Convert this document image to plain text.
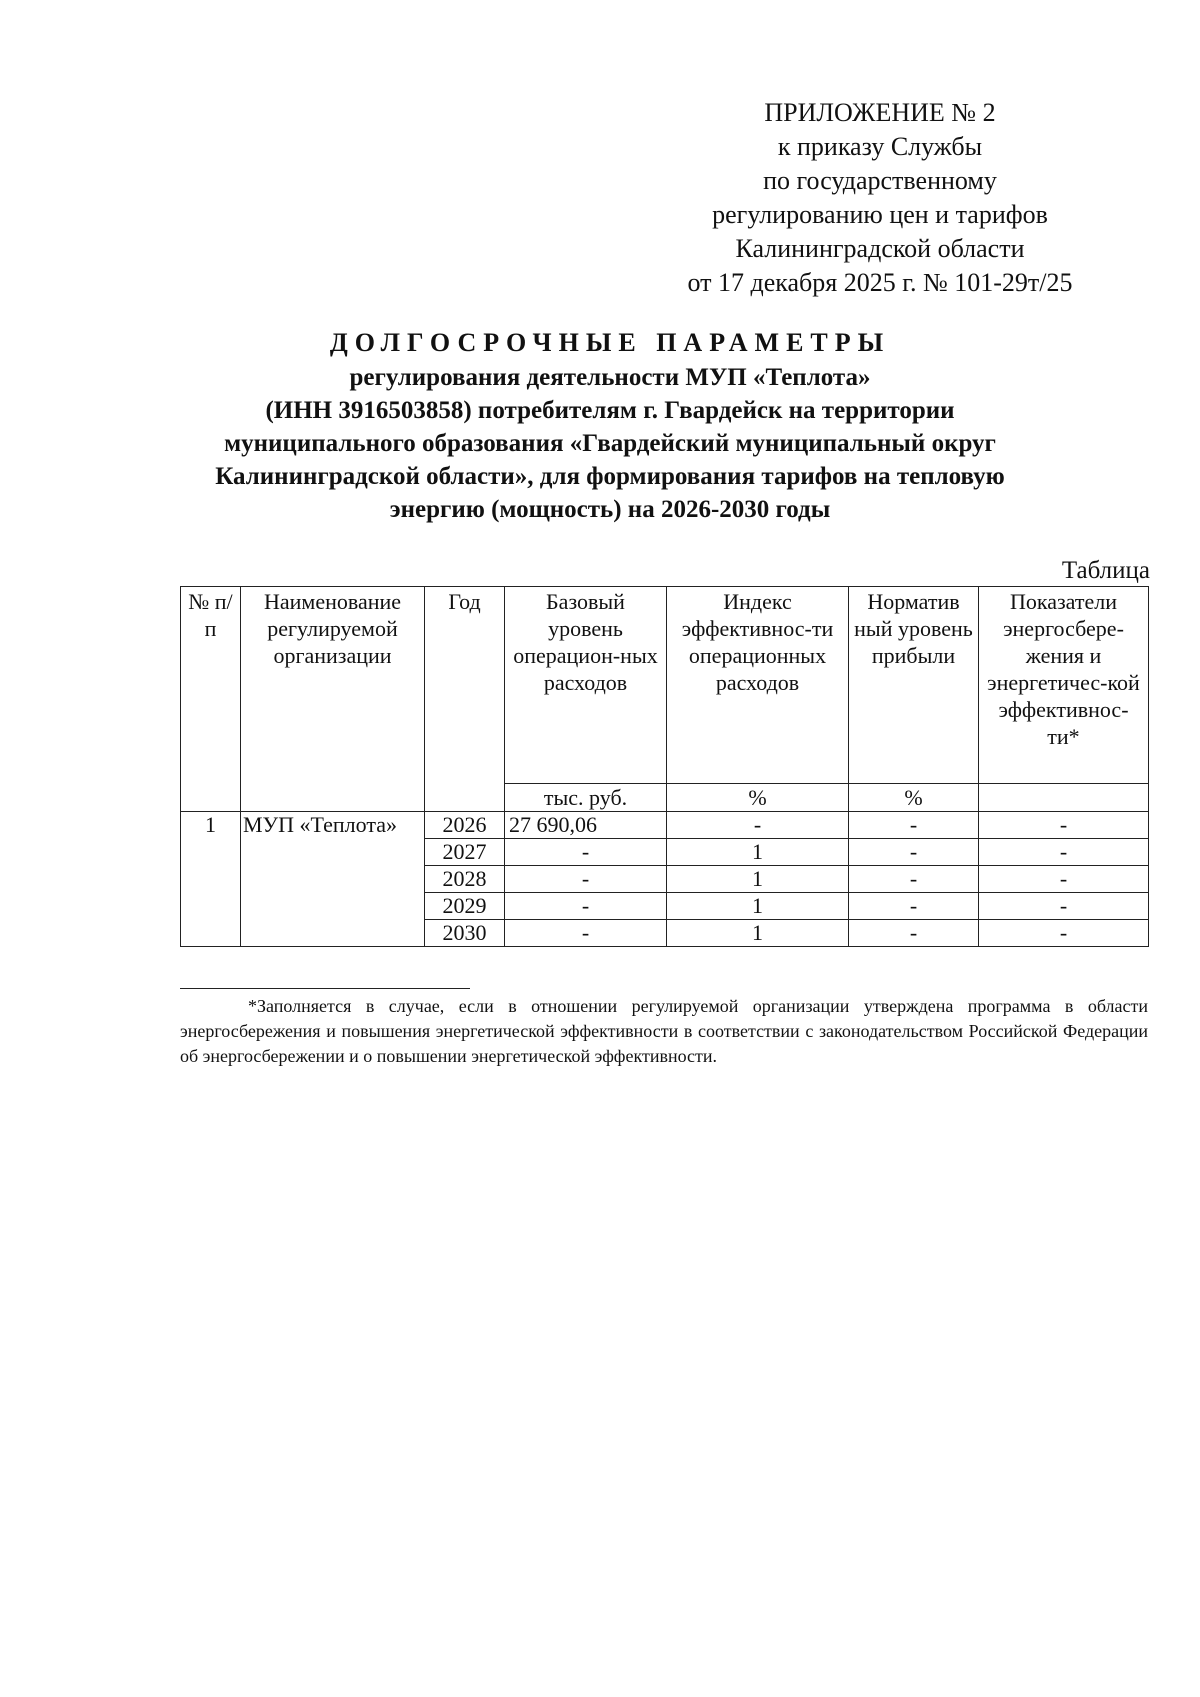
ПРИЛОЖЕНИЕ № 2
к приказу Службы
по государственному
регулированию цен и тарифов
Калининградской области
от 17 декабря 2025 г. № 101-29т/25
ДОЛГОСРОЧНЫЕ ПАРАМЕТРЫ
регулирования деятельности МУП «Теплота»
(ИНН 3916503858) потребителям г. Гвардейск на территории
муниципального образования «Гвардейский муниципальный округ
Калининградской области», для формирования тарифов на тепловую
энергию (мощность) на 2026-2030 годы
Таблица
№ п/п	Наименование регулируемой организации	Год	Базовый уровень операцион-ных расходов	Индекс эффективнос-ти операционных расходов	Норматив ный уровень прибыли	Показатели энергосбере-жения и энергетичес-кой эффективнос-ти*
			тыс. руб.	%	%	
1	МУП «Теплота»	2026	27 690,06	-	-	-
		2027	-	1	-	-
		2028	-	1	-	-
		2029	-	1	-	-
		2030	-	1	-	-
*Заполняется в случае, если в отношении регулируемой организации утверждена программа в области энергосбережения и повышения энергетической эффективности в соответствии с законодательством Российской Федерации об энергосбережении и о повышении энергетической эффективности.
